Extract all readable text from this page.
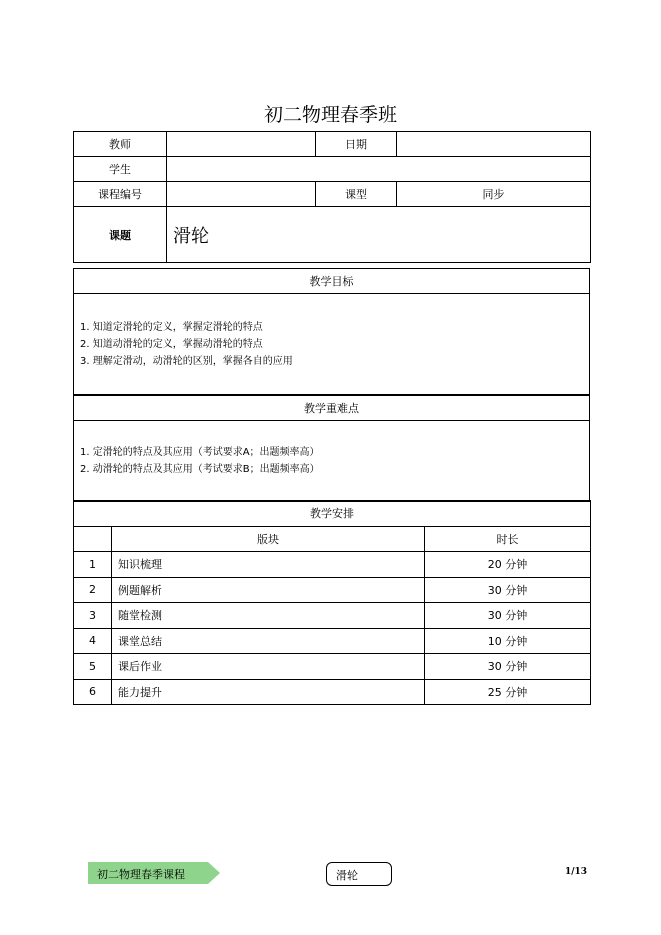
初二物理春季班
教师		日期	
学生			
课程编号		课型	同步
课题	滑轮		
教学目标

1. 知道定滑轮的定义，掌握定滑轮的特点
2. 知道动滑轮的定义，掌握动滑轮的特点
3. 理解定滑动，动滑轮的区别，掌握各自的应用
教学重难点

1. 定滑轮的特点及其应用（考试要求A；出题频率高）
2. 动滑轮的特点及其应用（考试要求B；出题频率高）
教学安排		
	版块	时长
1	知识梳理	20 分钟
2	例题解析	30 分钟
3	随堂检测	30 分钟
4	课堂总结	10 分钟
5	课后作业	30 分钟
6	能力提升	25 分钟
初二物理春季课程	滑轮	1/13
